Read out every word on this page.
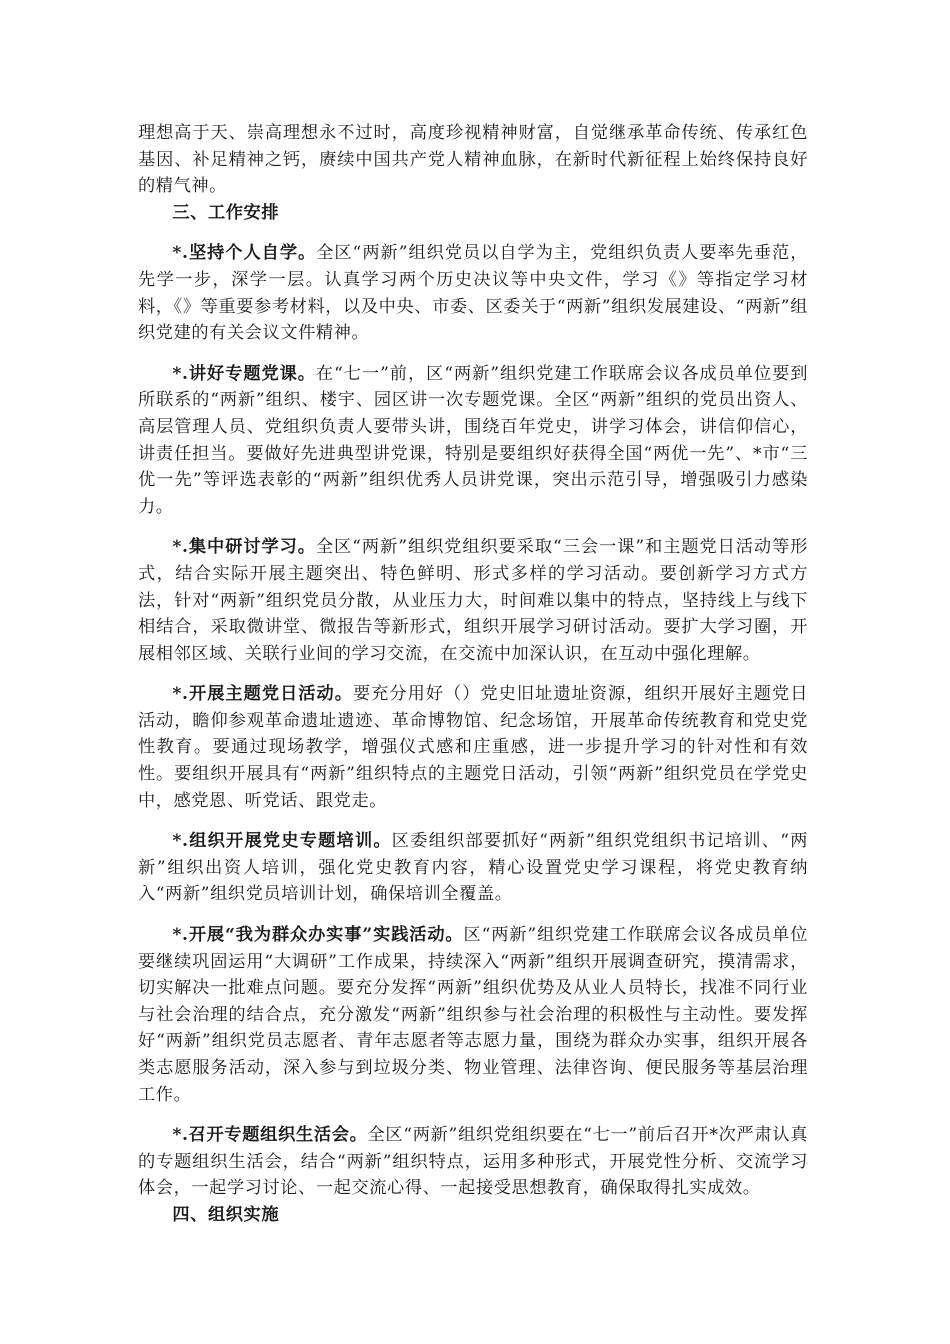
理想高于天、崇高理想永不过时，高度珍视精神财富，自觉继承革命传统、传承红色基因、补足精神之钙，赓续中国共产党人精神血脉，在新时代新征程上始终保持良好的精气神。

三、工作安排

*.坚持个人自学。全区“两新”组织党员以自学为主，党组织负责人要率先垂范，先学一步，深学一层。认真学习两个历史决议等中央文件，学习《》等指定学习材料，《》等重要参考材料，以及中央、市委、区委关于“两新”组织发展建设、“两新”组织党建的有关会议文件精神。

*.讲好专题党课。在“七一”前，区“两新”组织党建工作联席会议各成员单位要到所联系的“两新”组织、楼宇、园区讲一次专题党课。全区“两新”组织的党员出资人、高层管理人员、党组织负责人要带头讲，围绕百年党史，讲学习体会，讲信仰信心，讲责任担当。要做好先进典型讲党课，特别是要组织好获得全国“两优一先”、*市“三优一先”等评选表彰的“两新”组织优秀人员讲党课，突出示范引导，增强吸引力感染力。

*.集中研讨学习。全区“两新”组织党组织要采取“三会一课”和主题党日活动等形式，结合实际开展主题突出、特色鲜明、形式多样的学习活动。要创新学习方式方法，针对“两新”组织党员分散，从业压力大，时间难以集中的特点，坚持线上与线下相结合，采取微讲堂、微报告等新形式，组织开展学习研讨活动。要扩大学习圈，开展相邻区域、关联行业间的学习交流，在交流中加深认识，在互动中强化理解。

*.开展主题党日活动。要充分用好（）党史旧址遗址资源，组织开展好主题党日活动，瞻仰参观革命遗址遗迹、革命博物馆、纪念场馆，开展革命传统教育和党史党性教育。要通过现场教学，增强仪式感和庄重感，进一步提升学习的针对性和有效性。要组织开展具有“两新”组织特点的主题党日活动，引领“两新”组织党员在学党史中，感党恩、听党话、跟党走。

*.组织开展党史专题培训。区委组织部要抓好“两新”组织党组织书记培训、“两新”组织出资人培训，强化党史教育内容，精心设置党史学习课程，将党史教育纳入“两新”组织党员培训计划，确保培训全覆盖。

*.开展“我为群众办实事”实践活动。区“两新”组织党建工作联席会议各成员单位要继续巩固运用“大调研”工作成果，持续深入“两新”组织开展调查研究，摸清需求，切实解决一批难点问题。要充分发挥“两新”组织优势及从业人员特长，找准不同行业与社会治理的结合点，充分激发“两新”组织参与社会治理的积极性与主动性。要发挥好“两新”组织党员志愿者、青年志愿者等志愿力量，围绕为群众办实事，组织开展各类志愿服务活动，深入参与到垃圾分类、物业管理、法律咨询、便民服务等基层治理工作。

*.召开专题组织生活会。全区“两新”组织党组织要在“七一”前后召开*次严肃认真的专题组织生活会，结合“两新”组织特点，运用多种形式，开展党性分析、交流学习体会，一起学习讨论、一起交流心得、一起接受思想教育，确保取得扎实成效。

四、组织实施
